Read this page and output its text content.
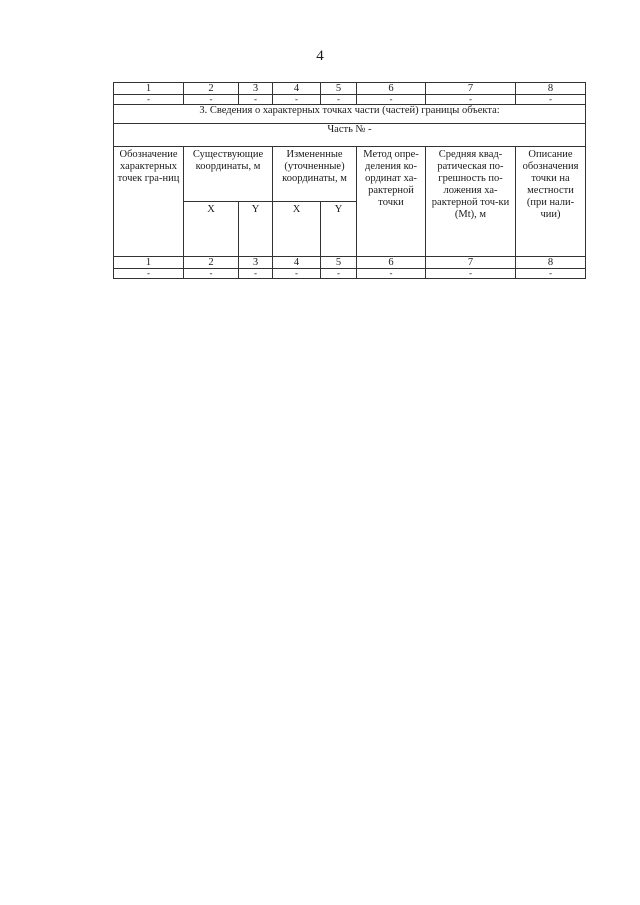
4
1	2	3	4	5	6	7	8
-	-	-	-	-	-	-	-
3. Сведения о характерных точках части (частей) границы объекта:							
Часть № -							
Обозначение характерных точек гра-ниц	Существующие координаты, м		Измененные (уточненные) координаты, м		Метод опре-деления ко-ординат ха-рактерной точки	Средняя квад-ратическая по-грешность по-ложения ха-рактерной точ-ки (Mt), м	Описание обозначения точки на местности (при нали-чии)
	X	Y	X	Y			
1	2	3	4	5	6	7	8
-	-	-	-	-	-	-	-
